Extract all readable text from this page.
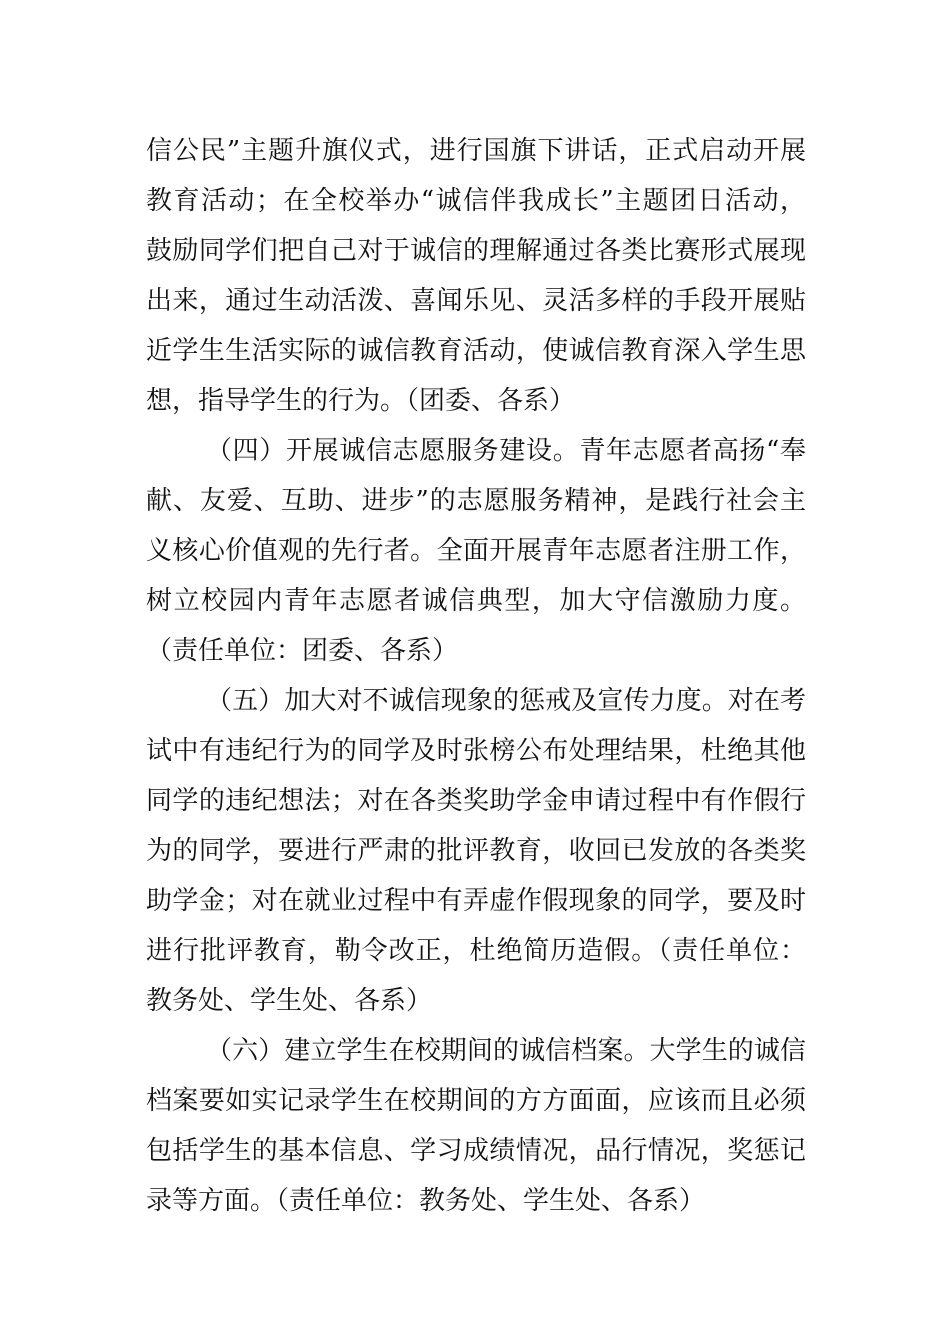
信公民”主题升旗仪式，进行国旗下讲话，正式启动开展
教育活动；在全校举办“诚信伴我成长”主题团日活动，
鼓励同学们把自己对于诚信的理解通过各类比赛形式展现
出来，通过生动活泼、喜闻乐见、灵活多样的手段开展贴
近学生生活实际的诚信教育活动，使诚信教育深入学生思
想，指导学生的行为。（团委、各系）
（四）开展诚信志愿服务建设。青年志愿者高扬“奉
献、友爱、互助、进步”的志愿服务精神，是践行社会主
义核心价值观的先行者。全面开展青年志愿者注册工作，
树立校园内青年志愿者诚信典型，加大守信激励力度。
（责任单位：团委、各系）
（五）加大对不诚信现象的惩戒及宣传力度。对在考
试中有违纪行为的同学及时张榜公布处理结果，杜绝其他
同学的违纪想法；对在各类奖助学金申请过程中有作假行
为的同学，要进行严肃的批评教育，收回已发放的各类奖
助学金；对在就业过程中有弄虚作假现象的同学，要及时
进行批评教育，勒令改正，杜绝简历造假。（责任单位：
教务处、学生处、各系）
（六）建立学生在校期间的诚信档案。大学生的诚信
档案要如实记录学生在校期间的方方面面，应该而且必须
包括学生的基本信息、学习成绩情况，品行情况，奖惩记
录等方面。（责任单位：教务处、学生处、各系）
